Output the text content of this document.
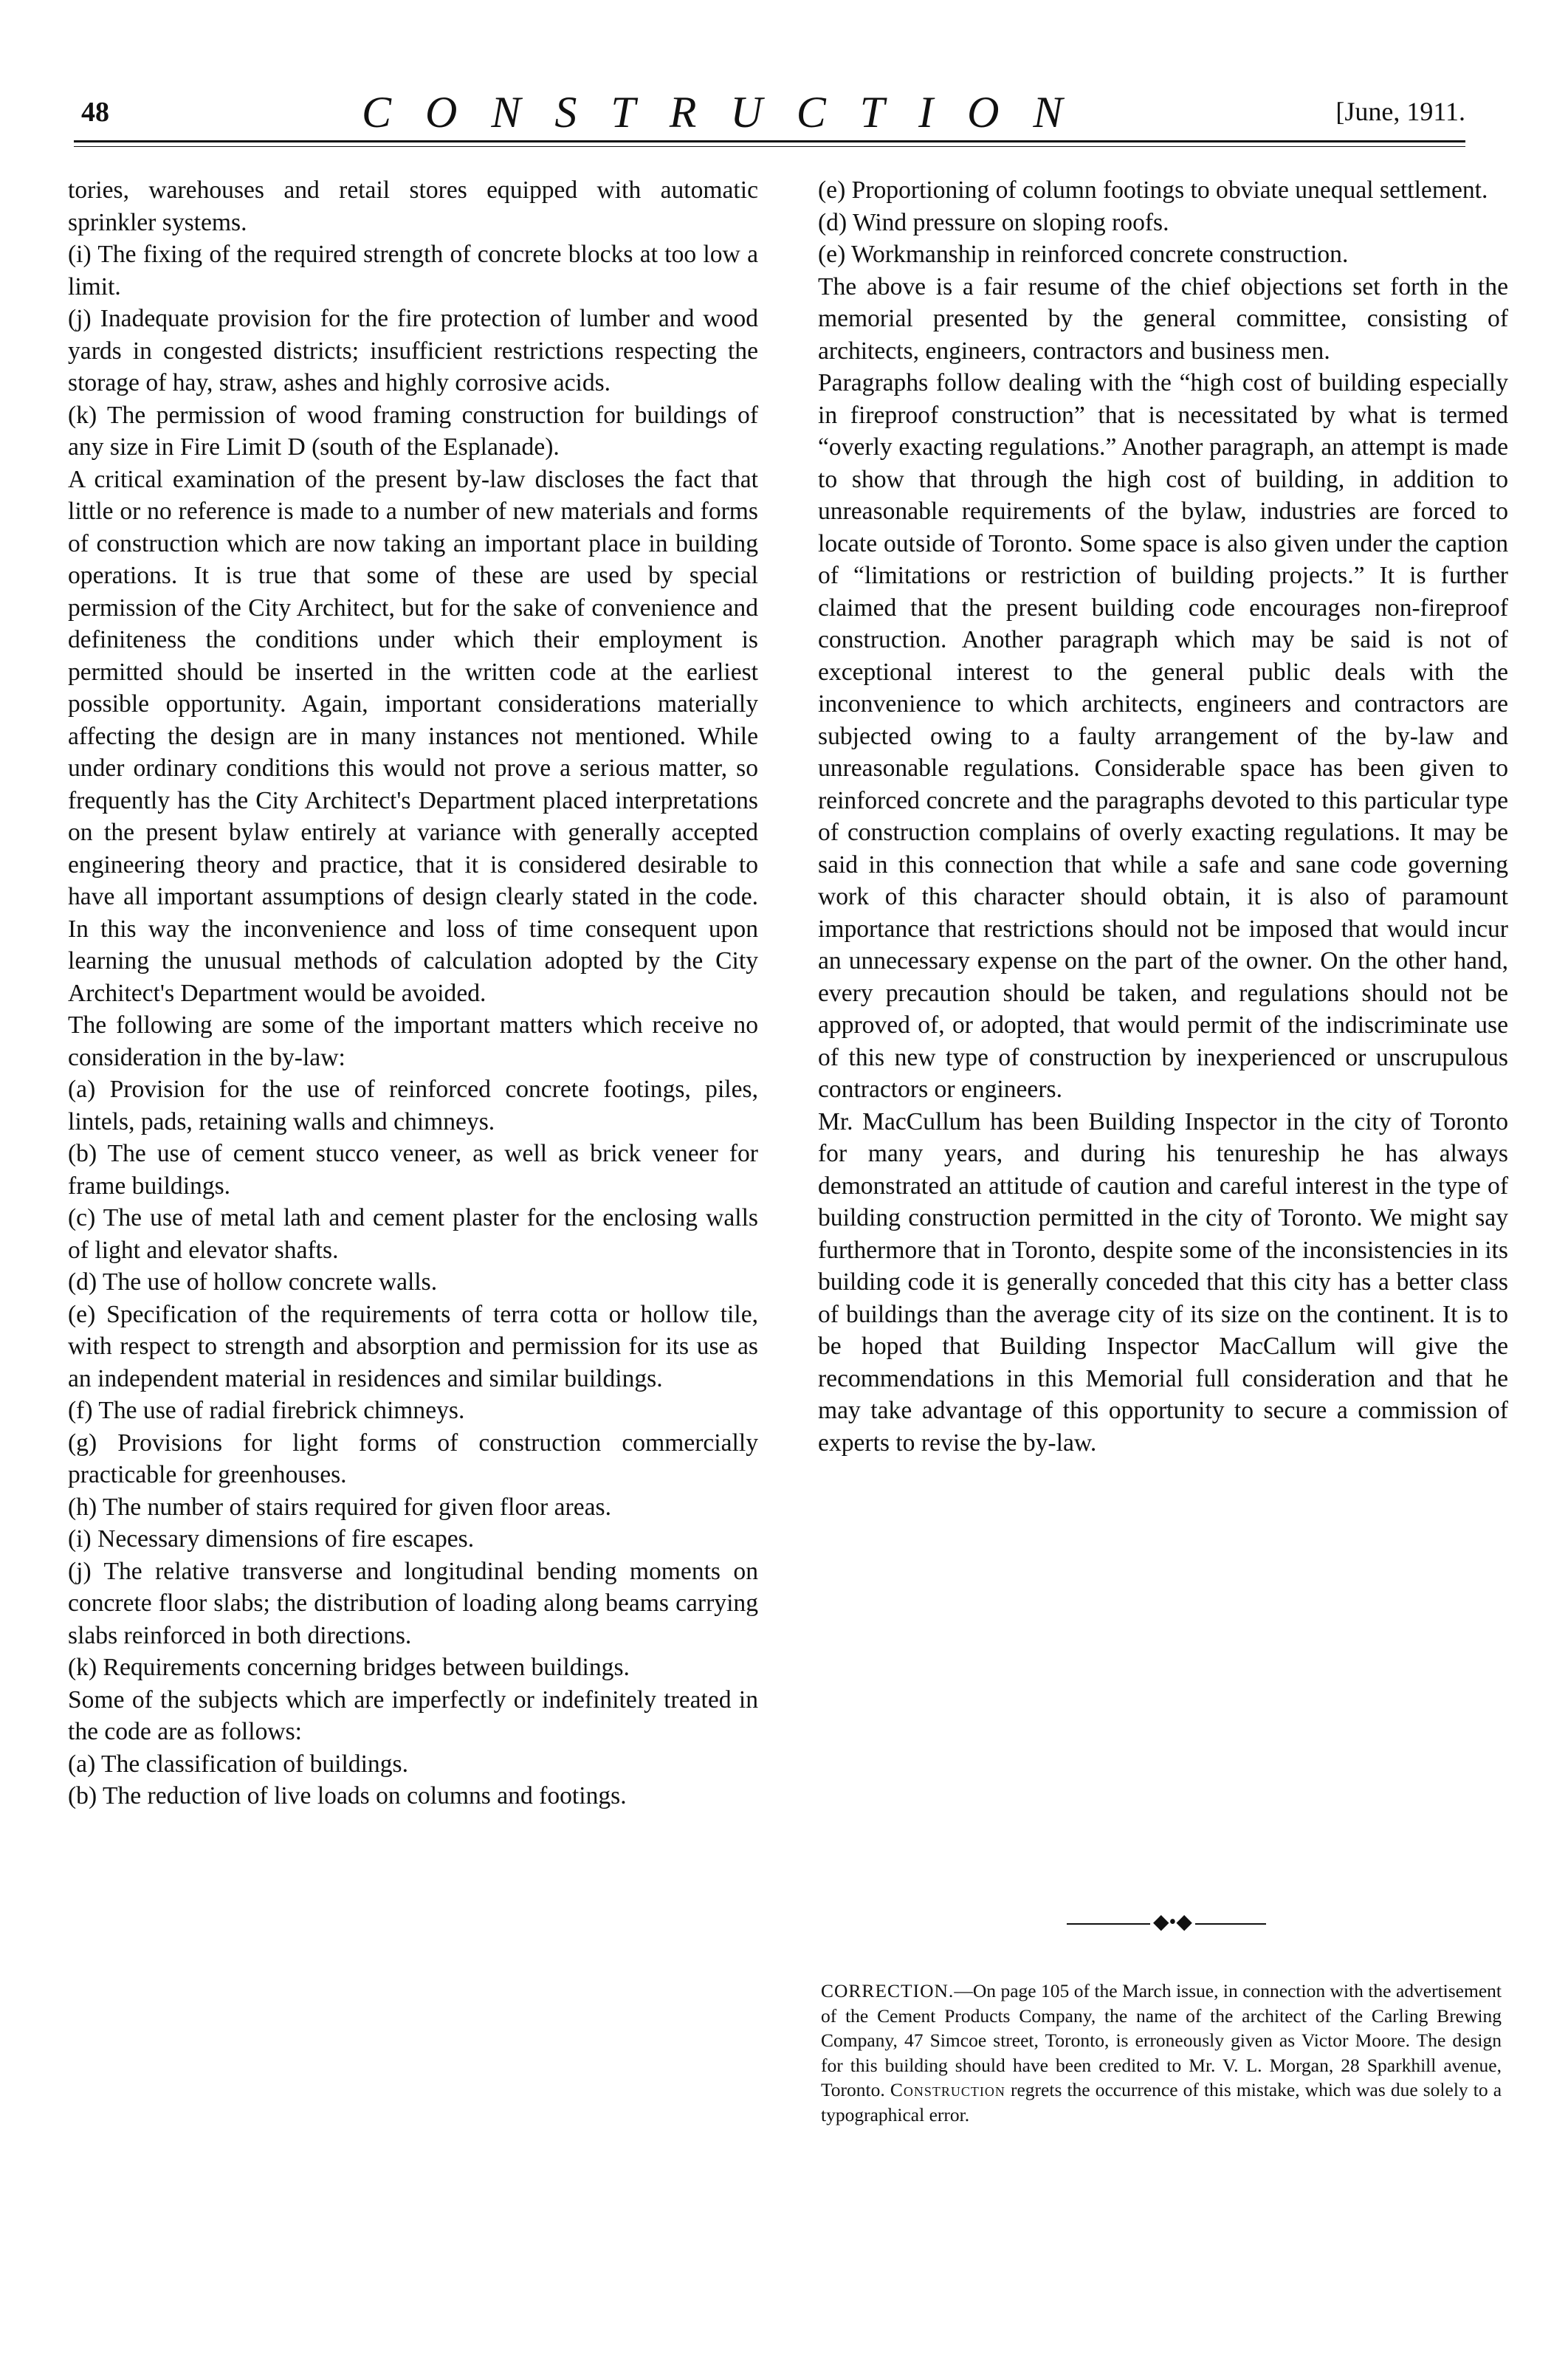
48	CONSTRUCTION	[June, 1911.

tories, warehouses and retail stores equipped with automatic sprinkler systems.

(i) The fixing of the required strength of concrete blocks at too low a limit.

(j) Inadequate provision for the fire protection of lumber and wood yards in congested districts; insufficient restrictions respecting the storage of hay, straw, ashes and highly corrosive acids.

(k) The permission of wood framing construction for buildings of any size in Fire Limit D (south of the Esplanade).

A critical examination of the present by-law discloses the fact that little or no reference is made to a number of new materials and forms of construction which are now taking an important place in building operations. It is true that some of these are used by special permission of the City Architect, but for the sake of convenience and definiteness the conditions under which their employment is permitted should be inserted in the written code at the earliest possible opportunity. Again, important considerations materially affecting the design are in many instances not mentioned. While under ordinary conditions this would not prove a serious matter, so frequently has the City Architect's Department placed interpretations on the present bylaw entirely at variance with generally accepted engineering theory and practice, that it is considered desirable to have all important assumptions of design clearly stated in the code. In this way the inconvenience and loss of time consequent upon learning the unusual methods of calculation adopted by the City Architect's Department would be avoided.

The following are some of the important matters which receive no consideration in the by-law:

(a) Provision for the use of reinforced concrete footings, piles, lintels, pads, retaining walls and chimneys.

(b) The use of cement stucco veneer, as well as brick veneer for frame buildings.

(c) The use of metal lath and cement plaster for the enclosing walls of light and elevator shafts.

(d) The use of hollow concrete walls.

(e) Specification of the requirements of terra cotta or hollow tile, with respect to strength and absorption and permission for its use as an independent material in residences and similar buildings.

(f) The use of radial firebrick chimneys.

(g) Provisions for light forms of construction commercially practicable for greenhouses.

(h) The number of stairs required for given floor areas.

(i) Necessary dimensions of fire escapes.

(j) The relative transverse and longitudinal bending moments on concrete floor slabs; the distribution of loading along beams carrying slabs reinforced in both directions.

(k) Requirements concerning bridges between buildings.

Some of the subjects which are imperfectly or indefinitely treated in the code are as follows:

(a) The classification of buildings.

(b) The reduction of live loads on columns and footings.

(e) Proportioning of column footings to obviate unequal settlement.

(d) Wind pressure on sloping roofs.

(e) Workmanship in reinforced concrete construction.

The above is a fair resume of the chief objections set forth in the memorial presented by the general committee, consisting of architects, engineers, contractors and business men.

Paragraphs follow dealing with the “high cost of building especially in fireproof construction” that is necessitated by what is termed “overly exacting regulations.” Another paragraph, an attempt is made to show that through the high cost of building, in addition to unreasonable requirements of the bylaw, industries are forced to locate outside of Toronto. Some space is also given under the caption of “limitations or restriction of building projects.” It is further claimed that the present building code encourages non-fireproof construction. Another paragraph which may be said is not of exceptional interest to the general public deals with the inconvenience to which architects, engineers and contractors are subjected owing to a faulty arrangement of the by-law and unreasonable regulations. Considerable space has been given to reinforced concrete and the paragraphs devoted to this particular type of construction complains of overly exacting regulations. It may be said in this connection that while a safe and sane code governing work of this character should obtain, it is also of paramount importance that restrictions should not be imposed that would incur an unnecessary expense on the part of the owner. On the other hand, every precaution should be taken, and regulations should not be approved of, or adopted, that would permit of the indiscriminate use of this new type of construction by inexperienced or unscrupulous contractors or engineers.

Mr. MacCullum has been Building Inspector in the city of Toronto for many years, and during his tenureship he has always demonstrated an attitude of caution and careful interest in the type of building construction permitted in the city of Toronto. We might say furthermore that in Toronto, despite some of the inconsistencies in its building code it is generally conceded that this city has a better class of buildings than the average city of its size on the continent. It is to be hoped that Building Inspector MacCallum will give the recommendations in this Memorial full consideration and that he may take advantage of this opportunity to secure a commission of experts to revise the by-law.

◆•◆
CORRECTION.—On page 105 of the March issue, in connection with the advertisement of the Cement Products Company, the name of the architect of the Carling Brewing Company, 47 Simcoe street, Toronto, is erroneously given as Victor Moore. The design for this building should have been credited to Mr. V. L. Morgan, 28 Sparkhill avenue, Toronto. Construction regrets the occurrence of this mistake, which was due solely to a typographical error.
